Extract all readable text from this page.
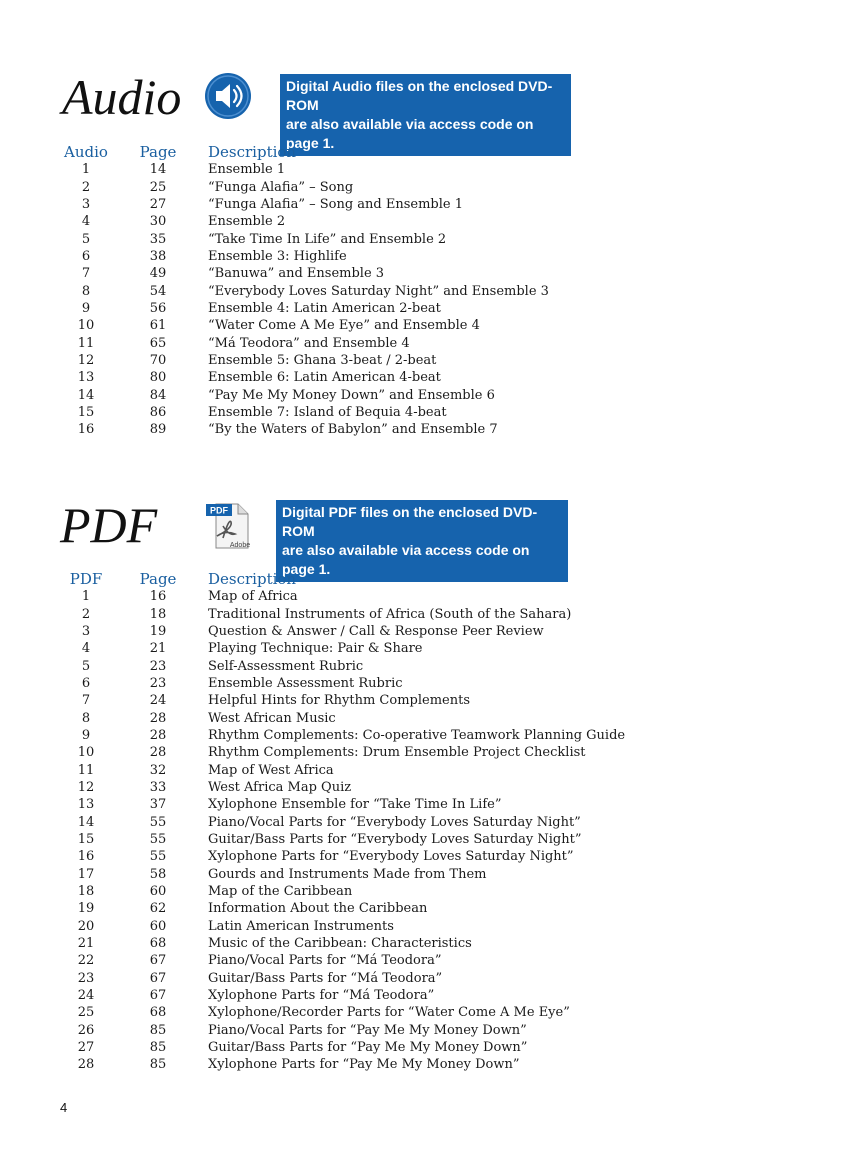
Audio	Digital Audio files on the enclosed DVD-ROM
are also available via access code on page 1.
Audio	Page	Description
1	14	Ensemble 1
2	25	“Funga Alafia” – Song
3	27	“Funga Alafia” – Song and Ensemble 1
4	30	Ensemble 2
5	35	“Take Time In Life” and Ensemble 2
6	38	Ensemble 3: Highlife
7	49	“Banuwa” and Ensemble 3
8	54	“Everybody Loves Saturday Night” and Ensemble 3
9	56	Ensemble 4: Latin American 2-beat
10	61	“Water Come A Me Eye” and Ensemble 4
11	65	“Má Teodora” and Ensemble 4
12	70	Ensemble 5: Ghana 3-beat / 2-beat
13	80	Ensemble 6: Latin American 4-beat
14	84	“Pay Me My Money Down” and Ensemble 6
15	86	Ensemble 7: Island of Bequia 4-beat
16	89	“By the Waters of Babylon” and Ensemble 7
PDF	PDF
Adobe
Digital PDF files on the enclosed DVD-ROM
are also available via access code on page 1.
PDF	Page	Description
1	16	Map of Africa
2	18	Traditional Instruments of Africa (South of the Sahara)
3	19	Question & Answer / Call & Response Peer Review
4	21	Playing Technique: Pair & Share
5	23	Self-Assessment Rubric
6	23	Ensemble Assessment Rubric
7	24	Helpful Hints for Rhythm Complements
8	28	West African Music
9	28	Rhythm Complements: Co-operative Teamwork Planning Guide
10	28	Rhythm Complements: Drum Ensemble Project Checklist
11	32	Map of West Africa
12	33	West Africa Map Quiz
13	37	Xylophone Ensemble for “Take Time In Life”
14	55	Piano/Vocal Parts for “Everybody Loves Saturday Night”
15	55	Guitar/Bass Parts for “Everybody Loves Saturday Night”
16	55	Xylophone Parts for “Everybody Loves Saturday Night”
17	58	Gourds and Instruments Made from Them
18	60	Map of the Caribbean
19	62	Information About the Caribbean
20	60	Latin American Instruments
21	68	Music of the Caribbean: Characteristics
22	67	Piano/Vocal Parts for “Má Teodora”
23	67	Guitar/Bass Parts for “Má Teodora”
24	67	Xylophone Parts for “Má Teodora”
25	68	Xylophone/Recorder Parts for “Water Come A Me Eye”
26	85	Piano/Vocal Parts for “Pay Me My Money Down”
27	85	Guitar/Bass Parts for “Pay Me My Money Down”
28	85	Xylophone Parts for “Pay Me My Money Down”
4
